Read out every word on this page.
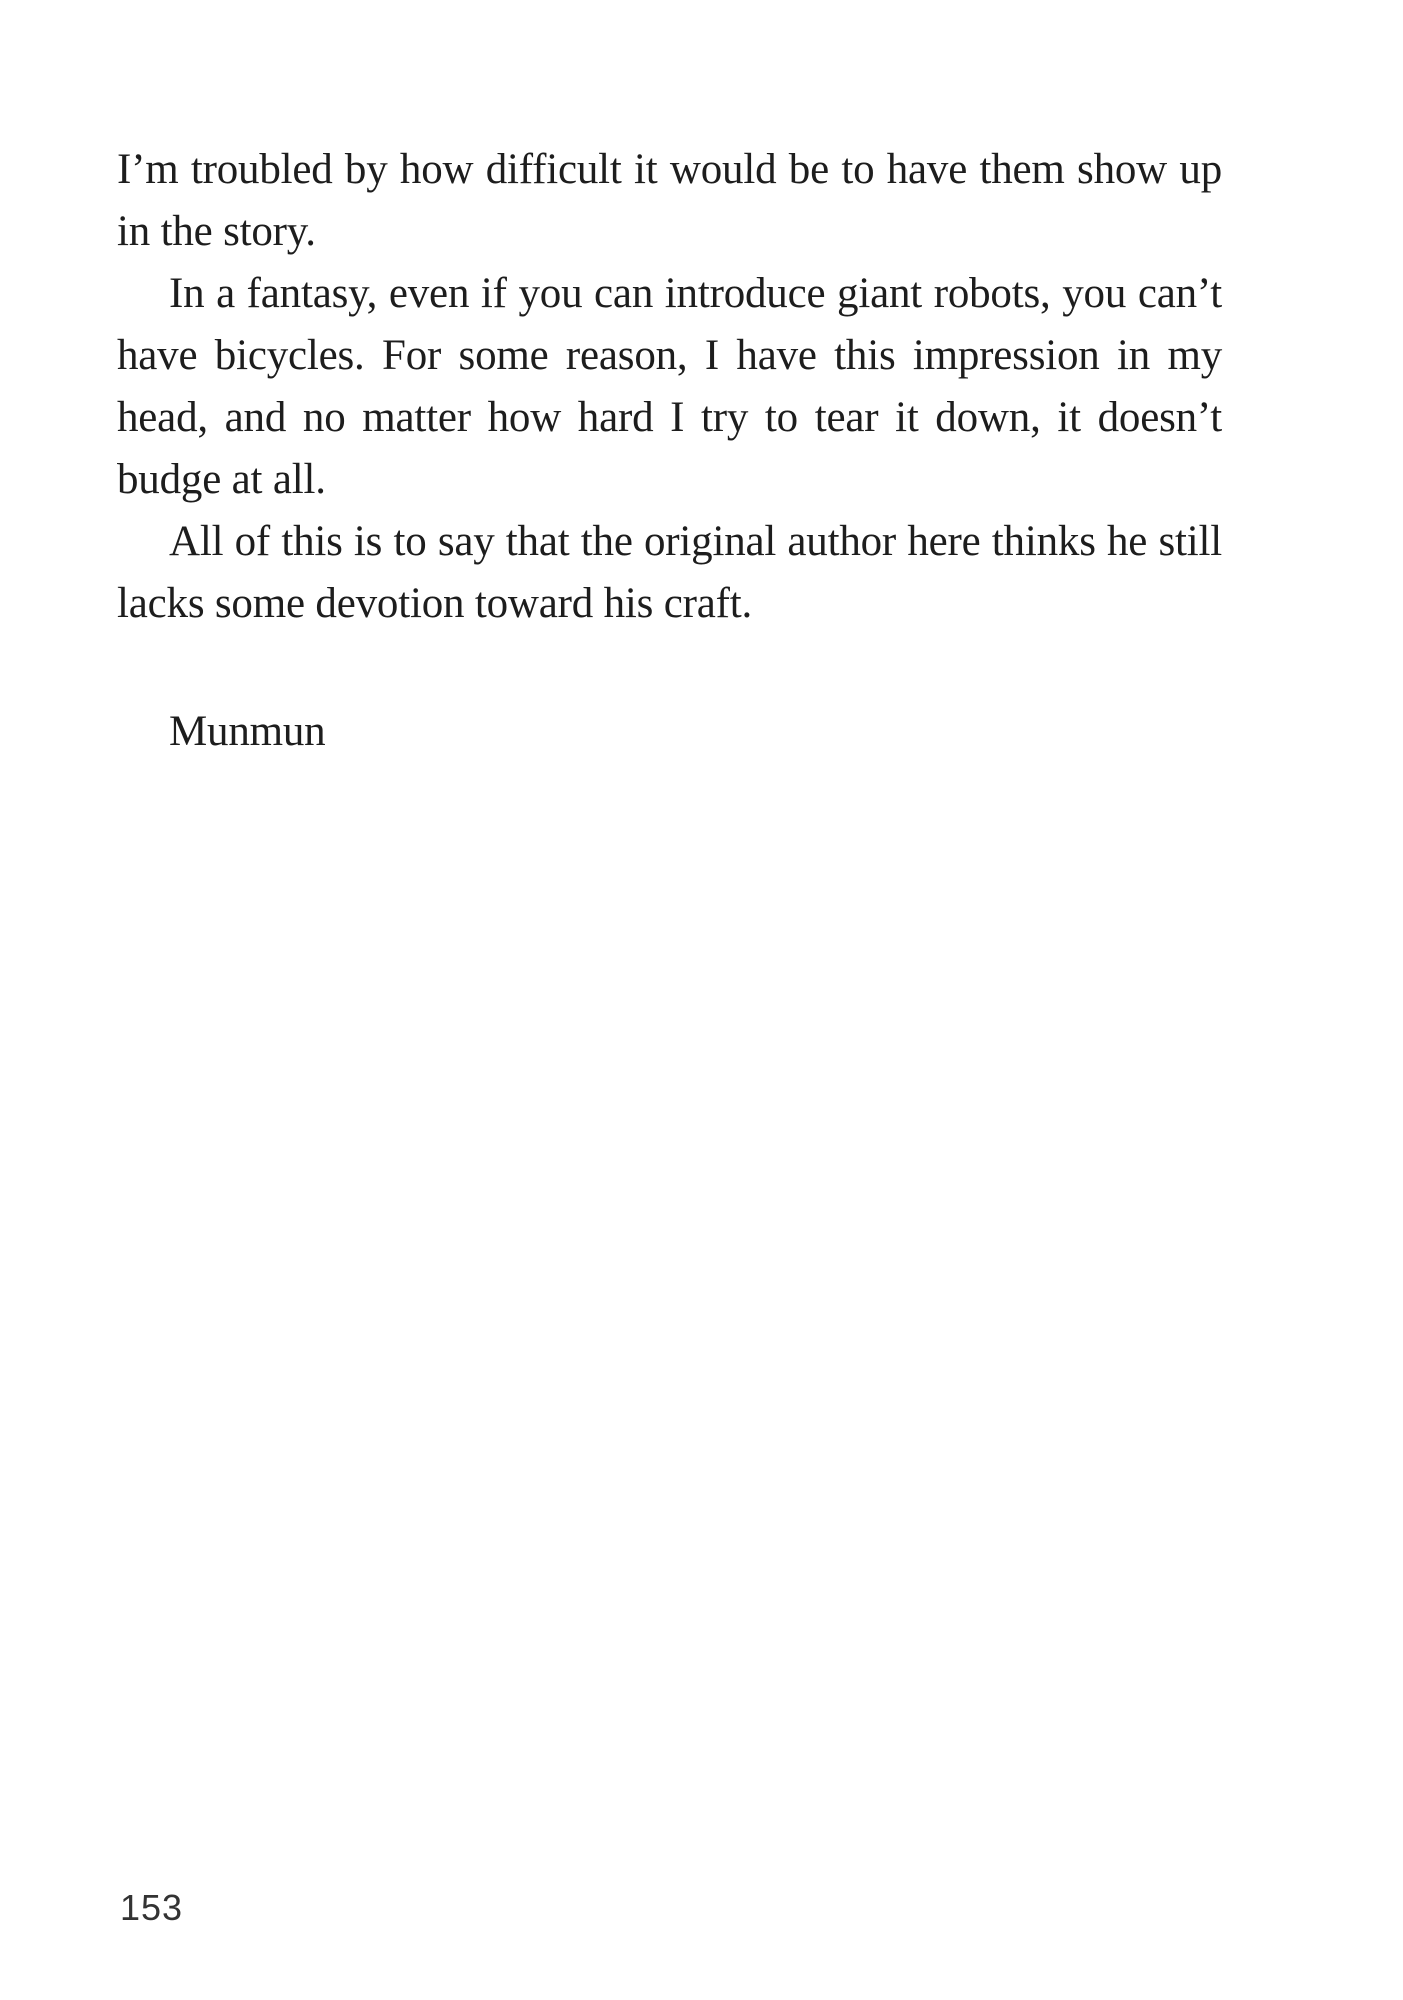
I’m troubled by how difficult it would be to have them show up

in the story.

In a fantasy, even if you can introduce giant robots, you can’t

have bicycles. For some reason, I have this impression in my

head, and no matter how hard I try to tear it down, it doesn’t

budge at all.

All of this is to say that the original author here thinks he still

lacks some devotion toward his craft.

Munmun

153
